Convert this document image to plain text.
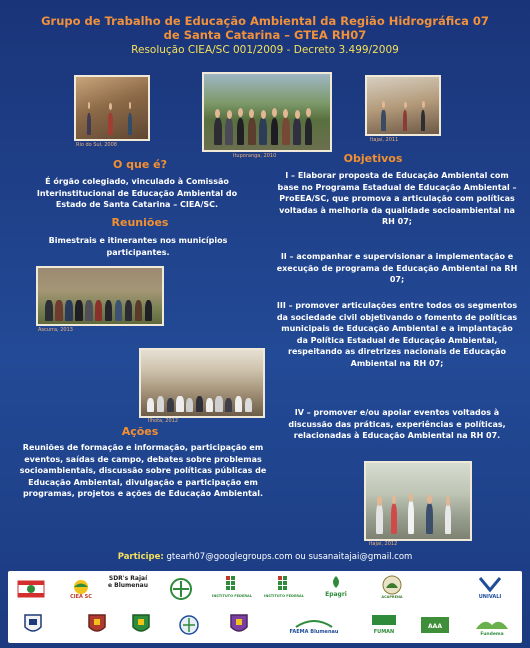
Grupo de Trabalho de Educação Ambiental da Região Hidrográfica 07
de Santa Catarina – GTEA RH07
Resolução CIEA/SC 001/2009 - Decreto 3.499/2009
Rio do Sul, 2008
Ituporanga, 2010
Itajaí, 2011
O que é?
É órgão colegiado, vinculado à Comissão Interinstitucional de Educação Ambiental do Estado de Santa Catarina – CIEA/SC.
Reuniões
Bimestrais e itinerantes nos municípios participantes.
Ascurra, 2013
Ilhota, 2012
Ações
Reuniões de formação e informação, participação em eventos, saídas de campo, debates sobre problemas socioambientais, discussão sobre políticas públicas de Educação Ambiental, divulgação e participação em programas, projetos e ações de Educação Ambiental.
Objetivos
I – Elaborar proposta de Educação Ambiental com base no Programa Estadual de Educação Ambiental – ProEEA/SC, que promova a articulação com políticas voltadas à melhoria da qualidade socioambiental na RH 07;
II – acompanhar e supervisionar a implementação e execução de programa de Educação Ambiental na RH 07;
III – promover articulações entre todos os segmentos da sociedade civil objetivando o fomento de políticas municipais de Educação Ambiental e a implantação da Política Estadual de Educação Ambiental, respeitando as diretrizes nacionais de Educação Ambiental na RH 07;
IV – promover e/ou apoiar eventos voltados à discussão das práticas, experiências e políticas, relacionadas à Educação Ambiental na RH 07.
Itajaí, 2012
Participe: gtearh07@googlegroups.com ou susanaitajai@gmail.com
CIEA SC
SDR's Rajaí e Blumenau
INSTITUTO FEDERAL	INSTITUTO FEDERAL	Epagri	ACAPRENA	UNIVALI
FAEMA Blumenau	FUMAN
AAA
Fundema
